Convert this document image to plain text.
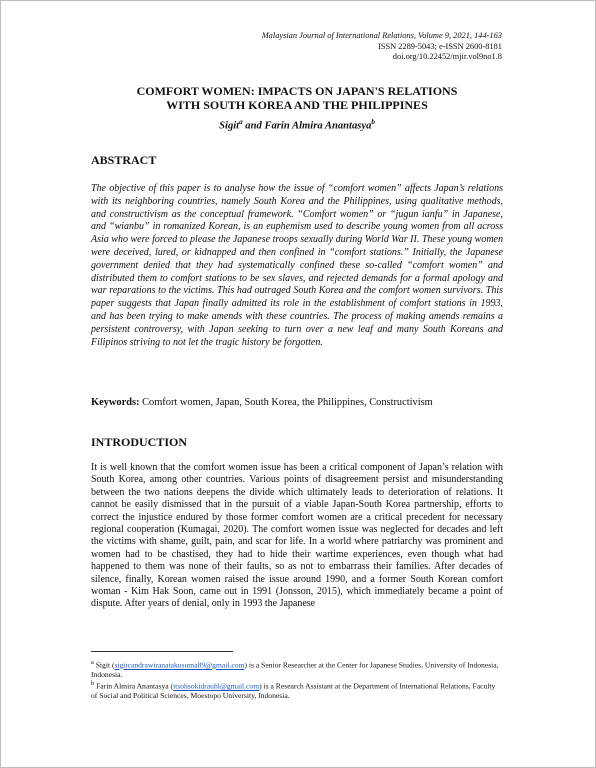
Malaysian Journal of International Relations, Volume 9, 2021, 144-163
ISSN 2289-5043; e-ISSN 2600-8181
doi.org/10.22452/mjir.vol9no1.8
COMFORT WOMEN: IMPACTS ON JAPAN'S RELATIONS
WITH SOUTH KOREA AND THE PHILIPPINES
Sigit$^a$ and Farin Almira Anantasya$^b$
ABSTRACT

The objective of this paper is to analyse how the issue of “comfort women” affects Japan’s relations with its neighboring countries, namely South Korea and the Philippines, using qualitative methods, and constructivism as the conceptual framework. “Comfort women” or “jugun ianfu” in Japanese, and “wianbu” in romanized Korean, is an euphemism used to describe young women from all across Asia who were forced to please the Japanese troops sexually during World War II. These young women were deceived, lured, or kidnapped and then confined in “comfort stations.” Initially, the Japanese government denied that they had systematically confined these so-called “comfort women” and distributed them to comfort stations to be sex slaves, and rejected demands for a formal apology and war reparations to the victims. This had outraged South Korea and the comfort women survivors. This paper suggests that Japan finally admitted its role in the establishment of comfort stations in 1993, and has been trying to make amends with these countries. The process of making amends remains a persistent controversy, with Japan seeking to turn over a new leaf and many South Koreans and Filipinos striving to not let the tragic history be forgotten.

Keywords: Comfort women, Japan, South Korea, the Philippines, Constructivism

INTRODUCTION

It is well known that the comfort women issue has been a critical component of Japan’s relation with South Korea, among other countries. Various points of disagreement persist and misunderstanding between the two nations deepens the divide which ultimately leads to deterioration of relations. It cannot be easily dismissed that in the pursuit of a viable Japan-South Korea partnership, efforts to correct the injustice endured by those former comfort women are a critical precedent for necessary regional cooperation (Kumagai, 2020). The comfort women issue was neglected for decades and left the victims with shame, guilt, pain, and scar for life. In a world where patriarchy was prominent and women had to be chastised, they had to hide their wartime experiences, even though what had happened to them was none of their faults, so as not to embarrass their families. After decades of silence, finally, Korean women raised the issue around 1990, and a former South Korean comfort woman - Kim Hak Soon, came out in 1991 (Jonsson, 2015), which immediately became a point of dispute. After years of denial, only in 1993 the Japanese

$^a$ Sigit (sigitcandrawiranatakusuma89@gmail.com) is a Senior Researcher at the Center for Japanese Studies, University of Indonesia, Indonesia.

$^b$ Farin Almira Anantasya (itsohsokidrauhl@gmail.com) is a Research Assistant at the Department of International Relations, Faculty of Social and Political Sciences, Moestopo University, Indonesia.
